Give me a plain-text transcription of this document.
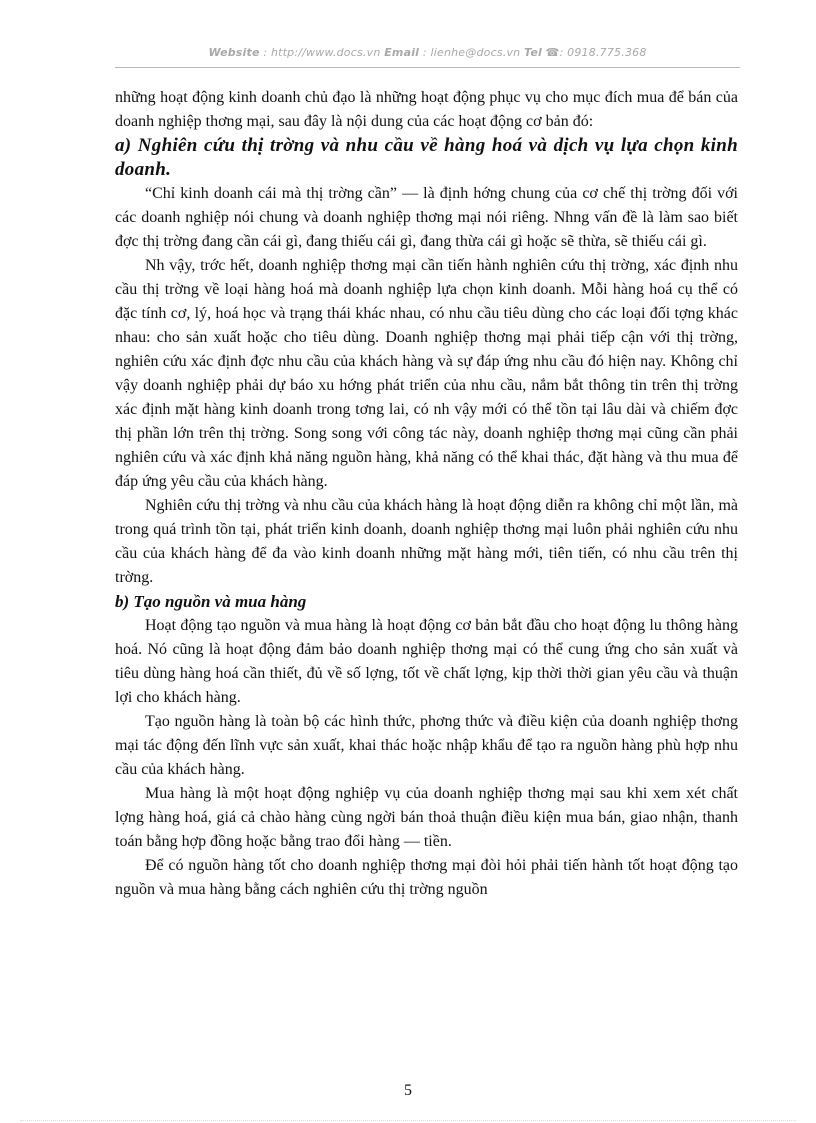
Website : http://www.docs.vn Email : lienhe@docs.vn Tel ☎: 0918.775.368

những hoạt động kinh doanh chủ đạo là những hoạt động phục vụ cho mục đích mua để bán của doanh nghiệp thơng mại, sau đây là nội dung của các hoạt động cơ bản đó:

a) Nghiên cứu thị trờng và nhu cầu về hàng hoá và dịch vụ lựa chọn kinh doanh.

“Chỉ kinh doanh cái mà thị trờng cần” — là định hớng chung của cơ chế thị trờng đối với các doanh nghiệp nói chung và doanh nghiệp thơng mại nói riêng. Nhng vấn đề là làm sao biết đợc thị trờng đang cần cái gì, đang thiếu cái gì, đang thừa cái gì hoặc sẽ thừa, sẽ thiếu cái gì.

Nh vậy, trớc hết, doanh nghiệp thơng mại cần tiến hành nghiên cứu thị trờng, xác định nhu cầu thị trờng về loại hàng hoá mà doanh nghiệp lựa chọn kinh doanh. Mỗi hàng hoá cụ thể có đặc tính cơ, lý, hoá học và trạng thái khác nhau, có nhu cầu tiêu dùng cho các loại đối tợng khác nhau: cho sản xuất hoặc cho tiêu dùng. Doanh nghiệp thơng mại phải tiếp cận với thị trờng, nghiên cứu xác định đợc nhu cầu của khách hàng và sự đáp ứng nhu cầu đó hiện nay. Không chỉ vậy doanh nghiệp phải dự báo xu hớng phát triển của nhu cầu, nắm bắt thông tin trên thị trờng xác định mặt hàng kinh doanh trong tơng lai, có nh vậy mới có thể tồn tại lâu dài và chiếm đợc thị phần lớn trên thị trờng. Song song với công tác này, doanh nghiệp thơng mại cũng cần phải nghiên cứu và xác định khả năng nguồn hàng, khả năng có thể khai thác, đặt hàng và thu mua để đáp ứng yêu cầu của khách hàng.

Nghiên cứu thị trờng và nhu cầu của khách hàng là hoạt động diễn ra không chỉ một lần, mà trong quá trình tồn tại, phát triển kinh doanh, doanh nghiệp thơng mại luôn phải nghiên cứu nhu cầu của khách hàng để đa vào kinh doanh những mặt hàng mới, tiên tiến, có nhu cầu trên thị trờng.

b) Tạo nguồn và mua hàng

Hoạt động tạo nguồn và mua hàng là hoạt động cơ bản bắt đầu cho hoạt động lu thông hàng hoá. Nó cũng là hoạt động đảm bảo doanh nghiệp thơng mại có thể cung ứng cho sản xuất và tiêu dùng hàng hoá cần thiết, đủ về số lợng, tốt về chất lợng, kịp thời thời gian yêu cầu và thuận lợi cho khách hàng.

Tạo nguồn hàng là toàn bộ các hình thức, phơng thức và điều kiện của doanh nghiệp thơng mại tác động đến lĩnh vực sản xuất, khai thác hoặc nhập khẩu để tạo ra nguồn hàng phù hợp nhu cầu của khách hàng.

Mua hàng là một hoạt động nghiệp vụ của doanh nghiệp thơng mại sau khi xem xét chất lợng hàng hoá, giá cả chào hàng cùng ngời bán thoả thuận điều kiện mua bán, giao nhận, thanh toán bằng hợp đồng hoặc bằng trao đổi hàng — tiền.

Để có nguồn hàng tốt cho doanh nghiệp thơng mại đòi hỏi phải tiến hành tốt hoạt động tạo nguồn và mua hàng bằng cách nghiên cứu thị trờng nguồn

5
